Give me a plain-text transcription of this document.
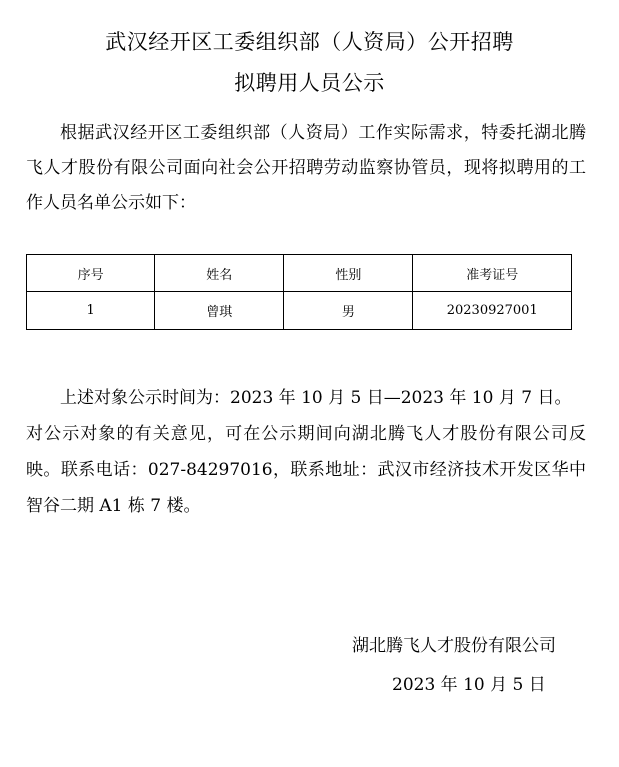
武汉经开区工委组织部（人资局）公开招聘
拟聘用人员公示

根据武汉经开区工委组织部（人资局）工作实际需求，特委托湖北腾飞人才股份有限公司面向社会公开招聘劳动监察协管员，现将拟聘用的工作人员名单公示如下：

序号	姓名	性别	准考证号
1	曾琪	男	20230927001
上述对象公示时间为：2023 年 10 月 5 日—2023 年 10 月 7 日。
对公示对象的有关意见，可在公示期间向湖北腾飞人才股份有限公司反映。联系电话：027-84297016，联系地址：武汉市经济技术开发区华中智谷二期 A1 栋 7 楼。
湖北腾飞人才股份有限公司
2023 年 10 月 5 日
